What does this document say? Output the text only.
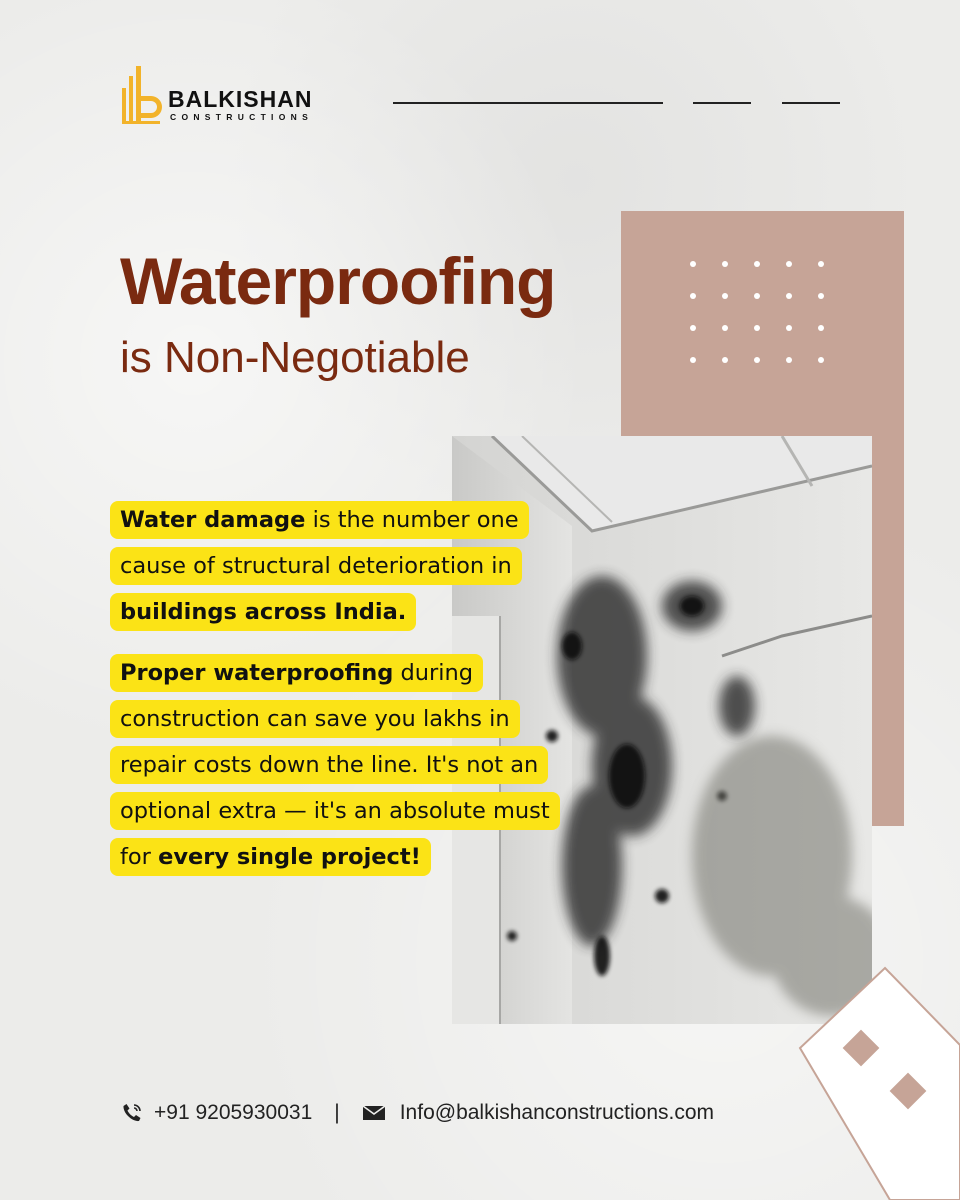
BALKISHAN
CONSTRUCTIONS
Waterproofing
is Non-Negotiable
Water damage is the number one cause of structural deterioration in buildings across India.
Proper waterproofing during construction can save you lakhs in repair costs down the line. It's not an optional extra — it's an absolute must for every single project!
+91 9205930031 |	Info@balkishanconstructions.com
